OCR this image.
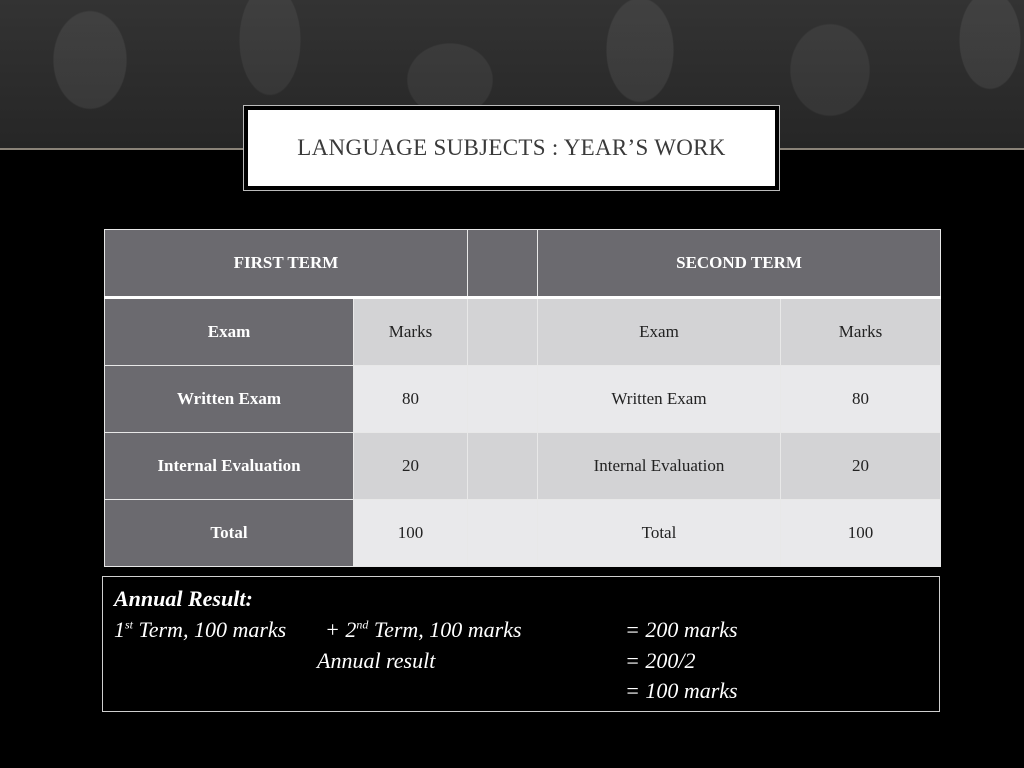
LANGUAGE SUBJECTS : YEAR’S WORK
FIRST TERM			SECOND TERM	
Exam	Marks		Exam	Marks
Written Exam	80		Written Exam	80
Internal Evaluation	20		Internal Evaluation	20
Total	100		Total	100
Annual Result:
1st Term, 100 marks + 2nd Term, 100 marks	= 200 marks
Annual result	= 200/2
= 100 marks
